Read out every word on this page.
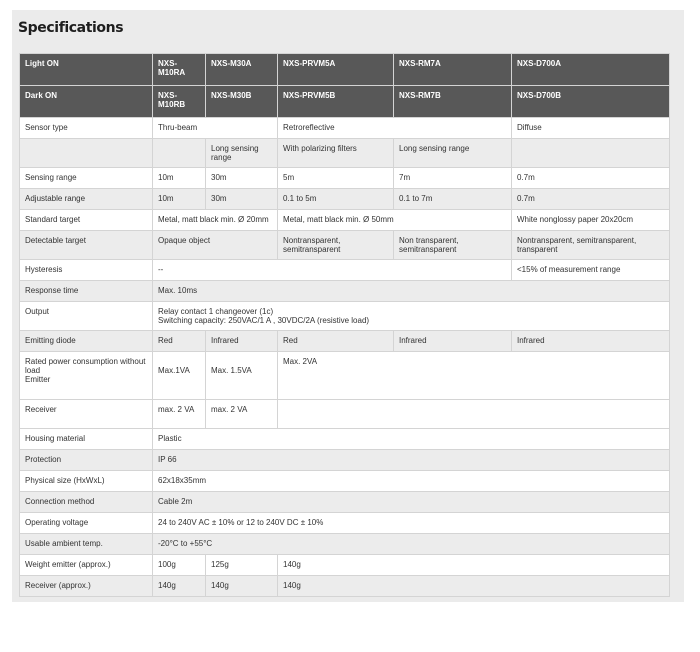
Specifications
Light ON	NXS-M10RA	NXS-M30A	NXS-PRVM5A	NXS-RM7A	NXS-D700A
Dark ON	NXS-M10RB	NXS-M30B	NXS-PRVM5B	NXS-RM7B	NXS-D700B
Sensor type	Thru-beam		Retroreflective		Diffuse
		Long sensing range	With polarizing filters	Long sensing range	
Sensing range	10m	30m	5m	7m	0.7m
Adjustable range	10m	30m	0.1 to 5m	0.1 to 7m	0.7m
Standard target	Metal, matt black min. Ø 20mm		Metal, matt black min. Ø 50mm		White nonglossy paper 20x20cm
Detectable target	Opaque object		Nontransparent, semitransparent	Non transparent, semitransparent	Nontransparent, semitransparent, transparent
Hysteresis	--				<15% of measurement range
Response time	Max. 10ms				
Output	Relay contact 1 changeover (1c)
Switching capacity: 250VAC/1 A , 30VDC/2A (resistive load)				

Emitting diode	Red	Infrared	Red	Infrared	Infrared

Rated power consumption without load
Emitter	Max.1VA	Max. 1.5VA	Max. 2VA		
Receiver	max. 2 VA	max. 2 VA			
Housing material	Plastic				
Protection	IP 66				
Physical size (HxWxL)	62x18x35mm				
Connection method	Cable 2m				
Operating voltage	24 to 240V AC ± 10% or 12 to 240V DC ± 10%				
Usable ambient temp.	-20°C to +55°C				
Weight emitter (approx.)	100g	125g	140g		
Receiver (approx.)	140g	140g	140g		
